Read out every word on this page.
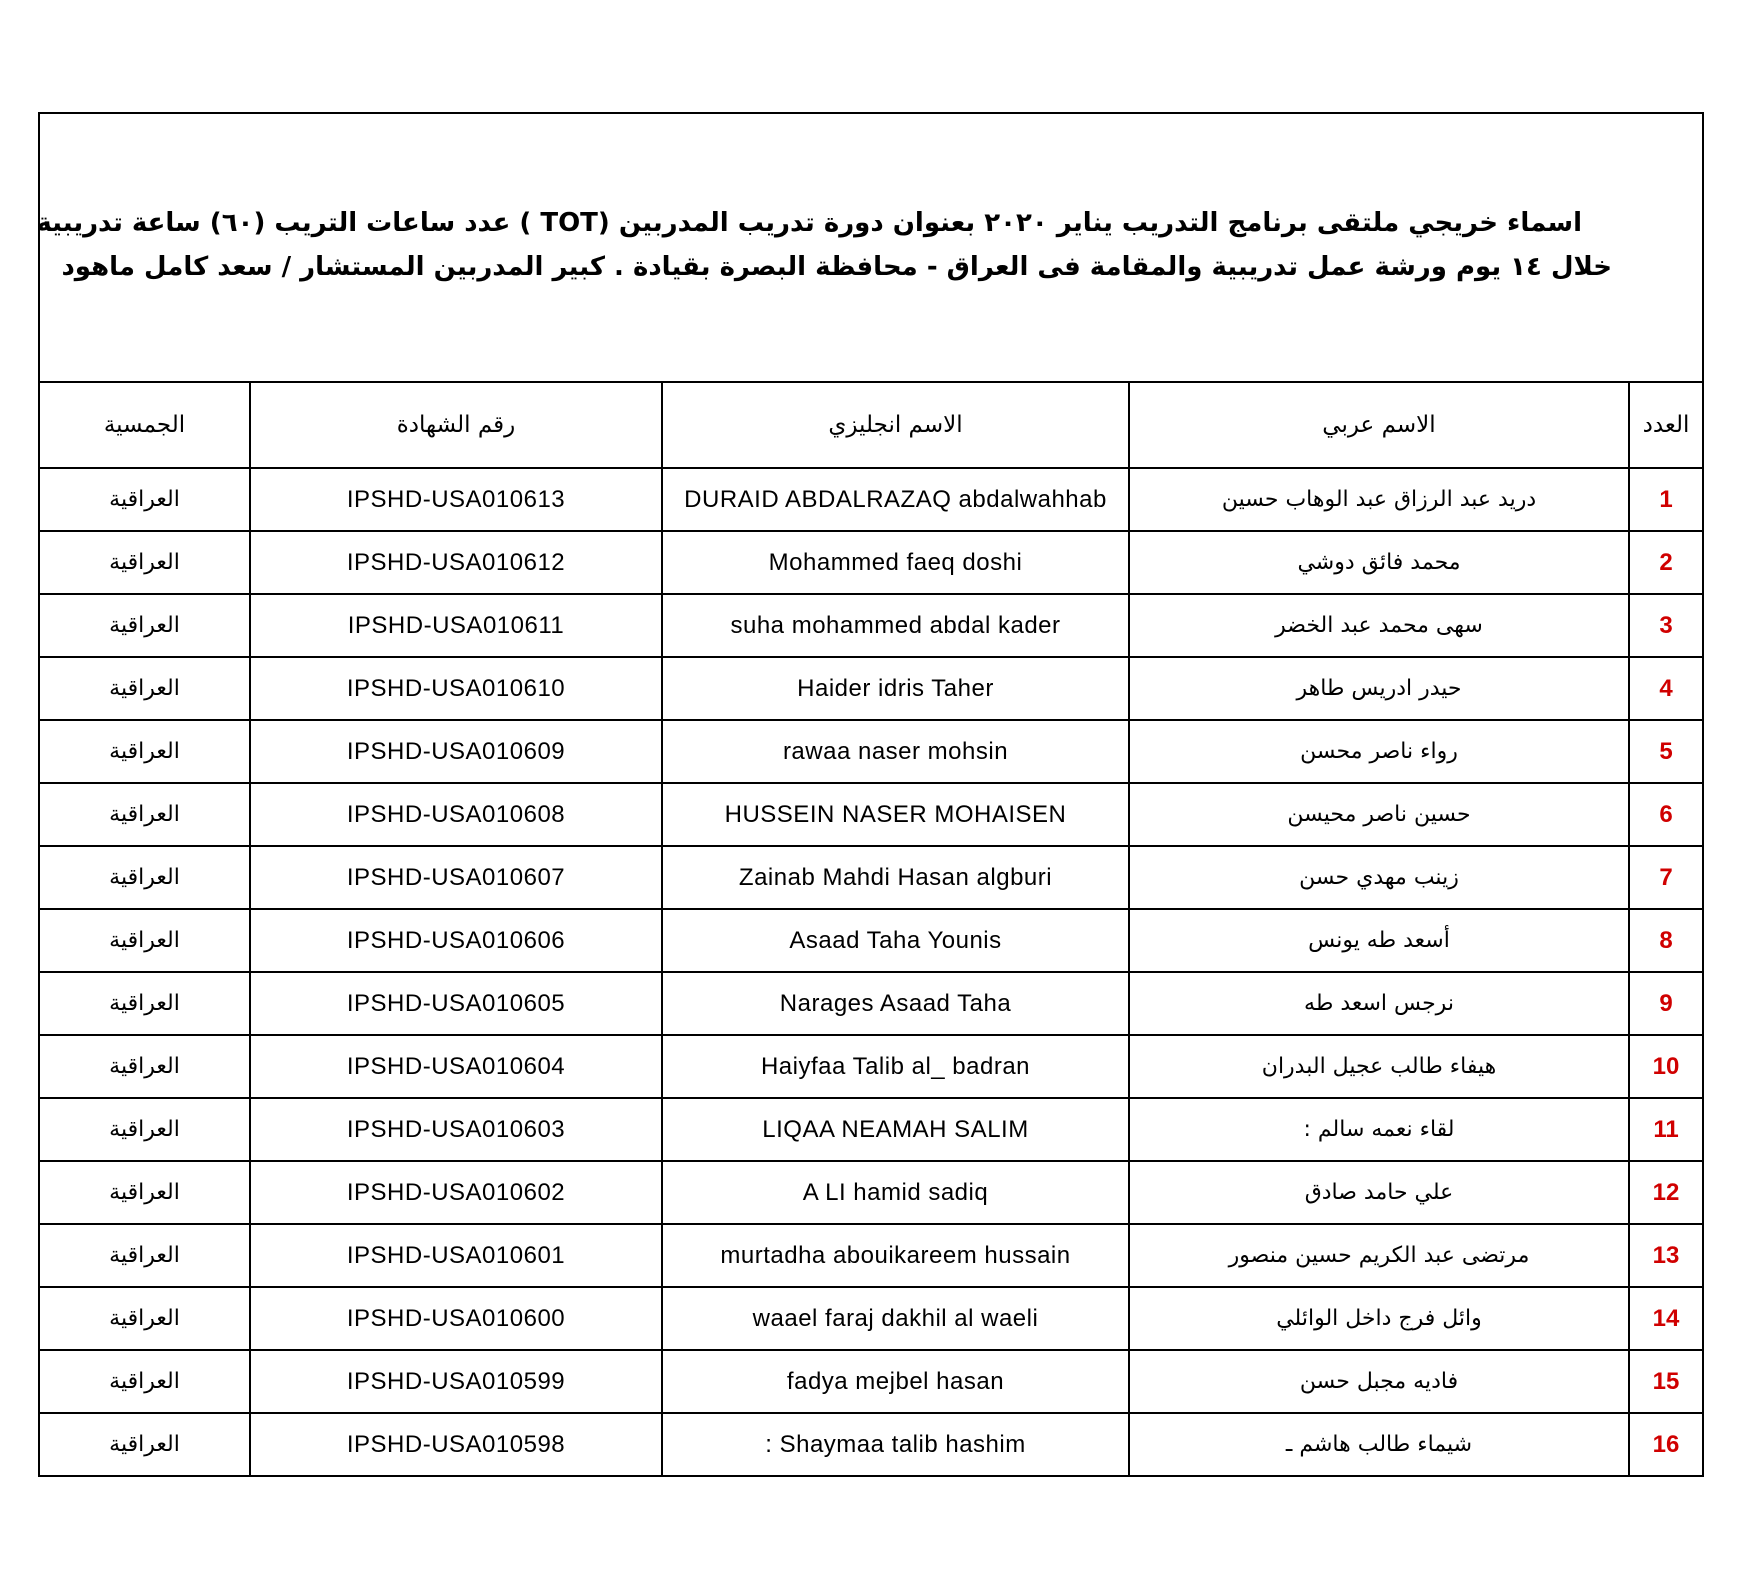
اسماء خريجي ملتقى برنامج التدريب يناير ٢٠٢٠ بعنوان دورة تدريب المدربين (TOT ) عدد ساعات التريب (٦٠) ساعة تدريبية
خلال ١٤ يوم ورشة عمل تدريبية والمقامة فى العراق - محافظة البصرة بقيادة . كبير المدربين المستشار / سعد كامل ماهود
الجمسية	رقم الشهادة	الاسم انجليزي	الاسم عربي	العدد
العراقية	IPSHD-USA010613	DURAID ABDALRAZAQ abdalwahhab	دريد عبد الرزاق عبد الوهاب حسين	1
العراقية	IPSHD-USA010612	Mohammed faeq doshi	محمد فائق دوشي	2
العراقية	IPSHD-USA010611	suha mohammed abdal kader	سهى محمد عبد الخضر	3
العراقية	IPSHD-USA010610	Haider idris Taher	حيدر ادريس طاهر	4
العراقية	IPSHD-USA010609	rawaa naser mohsin	رواء ناصر محسن	5
العراقية	IPSHD-USA010608	HUSSEIN NASER MOHAISEN	حسين ناصر محيسن	6
العراقية	IPSHD-USA010607	Zainab Mahdi Hasan algburi	زينب مهدي حسن	7
العراقية	IPSHD-USA010606	Asaad Taha Younis	أسعد طه يونس	8
العراقية	IPSHD-USA010605	Narages Asaad Taha	نرجس اسعد طه	9
العراقية	IPSHD-USA010604	Haiyfaa Talib al_ badran	هيفاء طالب عجيل البدران	10
العراقية	IPSHD-USA010603	LIQAA NEAMAH SALIM	لقاء نعمه سالم :	11
العراقية	IPSHD-USA010602	A LI hamid sadiq	علي حامد صادق	12
العراقية	IPSHD-USA010601	murtadha abouikareem hussain	مرتضى عبد الكريم حسين منصور	13
العراقية	IPSHD-USA010600	waael faraj dakhil al waeli	وائل فرج داخل الوائلي	14
العراقية	IPSHD-USA010599	fadya mejbel hasan	فاديه مجبل حسن	15
العراقية	IPSHD-USA010598	: Shaymaa talib hashim	شيماء طالب هاشم ـ	16
